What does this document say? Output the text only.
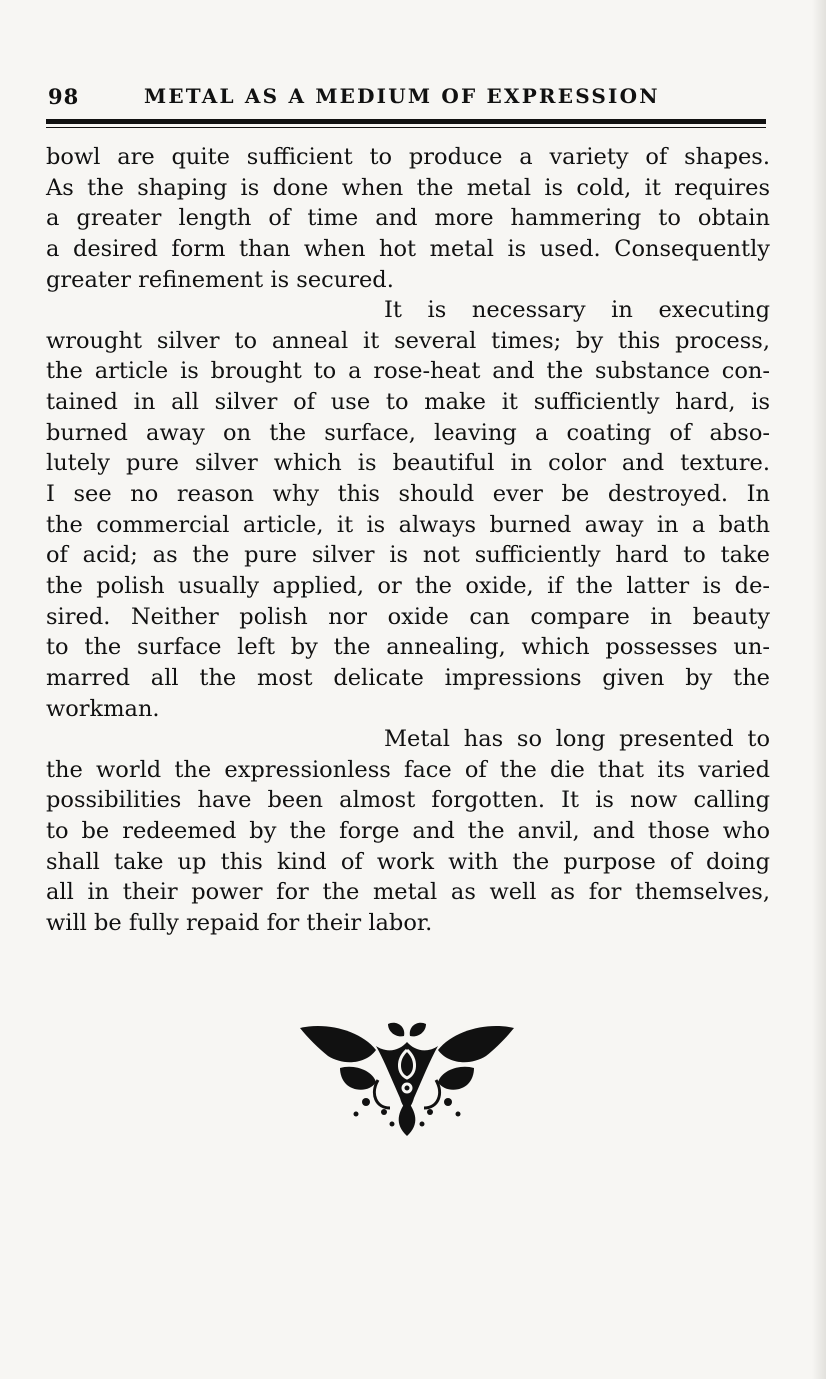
98	METAL AS A MEDIUM OF EXPRESSION
bowl are quite sufficient to produce a variety of shapes.
As the shaping is done when the metal is cold, it requires
a greater length of time and more hammering to obtain
a desired form than when hot metal is used. Consequently
greater refinement is secured.
It is necessary in executing
wrought silver to anneal it several times; by this process,
the article is brought to a rose-heat and the substance con-
tained in all silver of use to make it sufficiently hard, is
burned away on the surface, leaving a coating of abso-
lutely pure silver which is beautiful in color and texture.
I see no reason why this should ever be destroyed. In
the commercial article, it is always burned away in a bath
of acid; as the pure silver is not sufficiently hard to take
the polish usually applied, or the oxide, if the latter is de-
sired. Neither polish nor oxide can compare in beauty
to the surface left by the annealing, which possesses un-
marred all the most delicate impressions given by the
workman.
Metal has so long presented to
the world the expressionless face of the die that its varied
possibilities have been almost forgotten. It is now calling
to be redeemed by the forge and the anvil, and those who
shall take up this kind of work with the purpose of doing
all in their power for the metal as well as for themselves,
will be fully repaid for their labor.
